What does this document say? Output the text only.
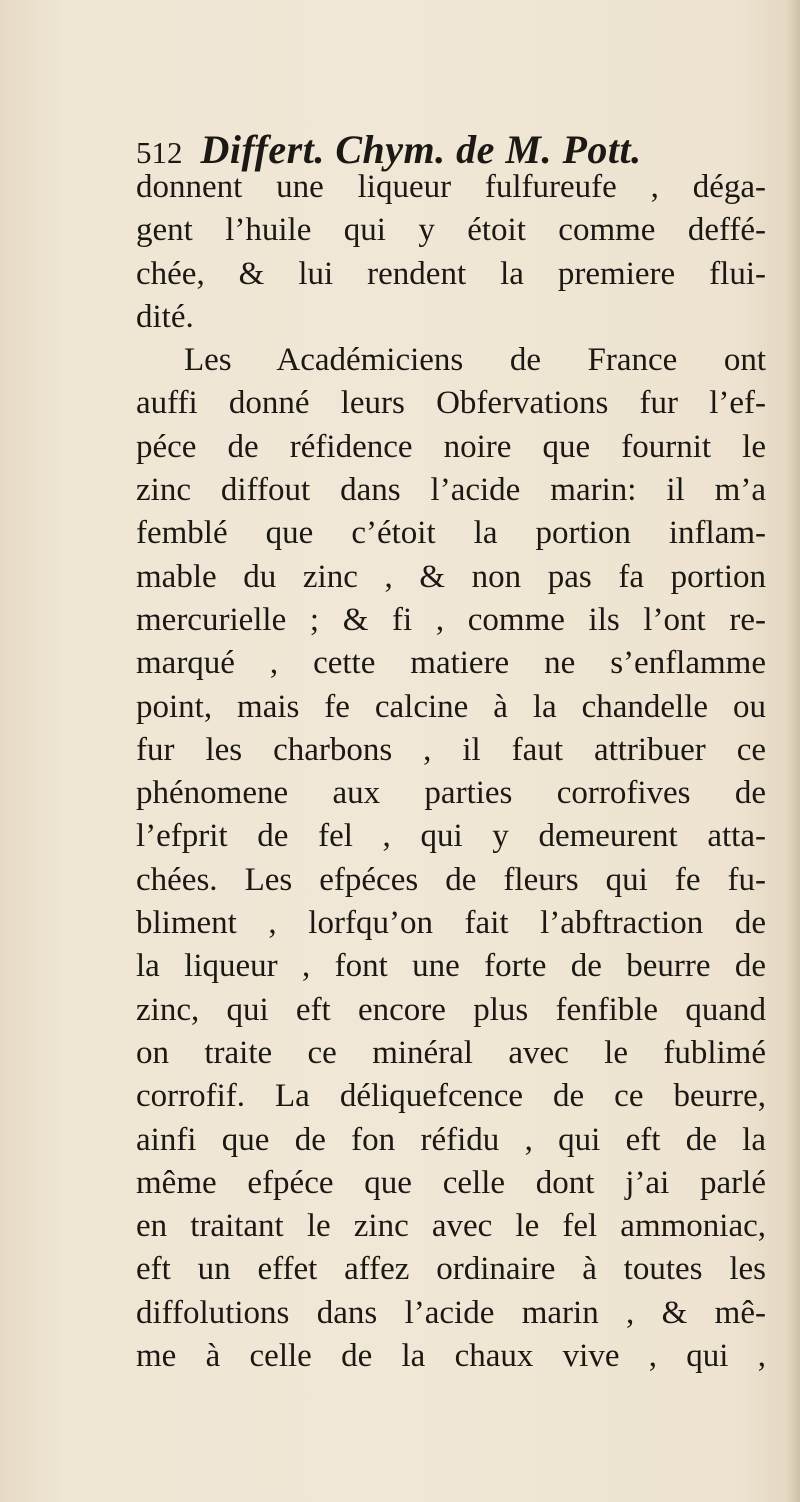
512 Differt. Chym. de M. Pott.
donnent une liqueur fulfureufe , déga-
gent l’huile qui y étoit comme deffé-
chée, & lui rendent la premiere flui-
dité.
Les Académiciens de France ont
auffi donné leurs Obfervations fur l’ef-
péce de réfidence noire que fournit le
zinc diffout dans l’acide marin: il m’a
femblé que c’étoit la portion inflam-
mable du zinc , & non pas fa portion
mercurielle ; & fi , comme ils l’ont re-
marqué , cette matiere ne s’enflamme
point, mais fe calcine à la chandelle ou
fur les charbons , il faut attribuer ce
phénomene aux parties corrofives de
l’efprit de fel , qui y demeurent atta-
chées. Les efpéces de fleurs qui fe fu-
bliment , lorfqu’on fait l’abftraction de
la liqueur , font une forte de beurre de
zinc, qui eft encore plus fenfible quand
on traite ce minéral avec le fublimé
corrofif. La déliquefcence de ce beurre,
ainfi que de fon réfidu , qui eft de la
même efpéce que celle dont j’ai parlé
en traitant le zinc avec le fel ammoniac,
eft un effet affez ordinaire à toutes les
diffolutions dans l’acide marin , & mê-
me à celle de la chaux vive , qui ,
